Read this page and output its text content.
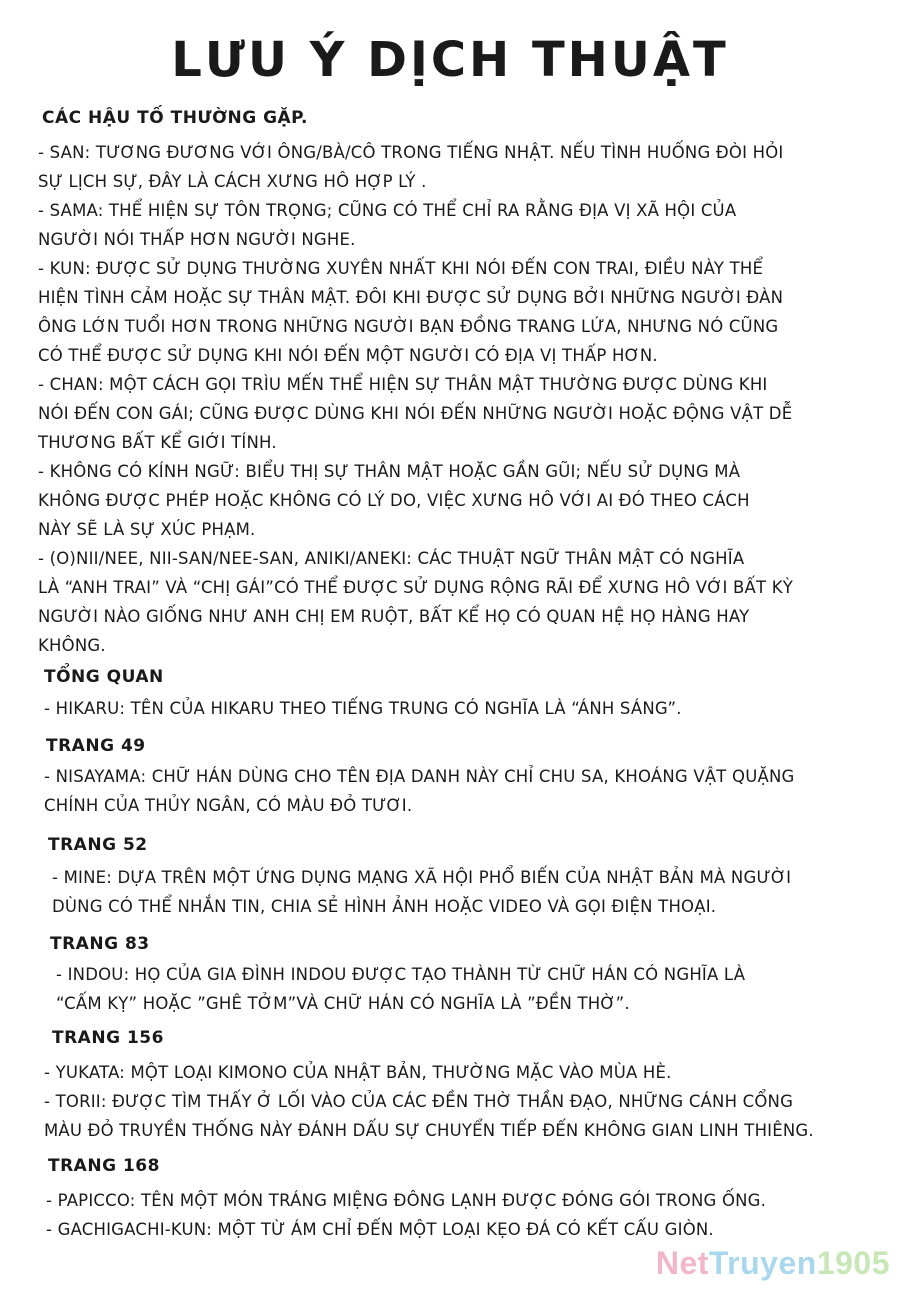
LƯU Ý DỊCH THUẬT
CÁC HẬU TỐ THƯỜNG GẶP.
- SAN: TƯƠNG ĐƯƠNG VỚI ÔNG/BÀ/CÔ TRONG TIẾNG NHẬT. NẾU TÌNH HUỐNG ĐÒI HỎI
SỰ LỊCH SỰ, ĐÂY LÀ CÁCH XƯNG HÔ HỢP LÝ .
- SAMA: THỂ HIỆN SỰ TÔN TRỌNG; CŨNG CÓ THỂ CHỈ RA RẰNG ĐỊA VỊ XÃ HỘI CỦA
NGƯỜI NÓI THẤP HƠN NGƯỜI NGHE.
- KUN: ĐƯỢC SỬ DỤNG THƯỜNG XUYÊN NHẤT KHI NÓI ĐẾN CON TRAI, ĐIỀU NÀY THỂ
HIỆN TÌNH CẢM HOẶC SỰ THÂN MẬT. ĐÔI KHI ĐƯỢC SỬ DỤNG BỞI NHỮNG NGƯỜI ĐÀN
ÔNG LỚN TUỔI HƠN TRONG NHỮNG NGƯỜI BẠN ĐỒNG TRANG LỨA, NHƯNG NÓ CŨNG
CÓ THỂ ĐƯỢC SỬ DỤNG KHI NÓI ĐẾN MỘT NGƯỜI CÓ ĐỊA VỊ THẤP HƠN.
- CHAN: MỘT CÁCH GỌI TRÌU MẾN THỂ HIỆN SỰ THÂN MẬT THƯỜNG ĐƯỢC DÙNG KHI
NÓI ĐẾN CON GÁI; CŨNG ĐƯỢC DÙNG KHI NÓI ĐẾN NHỮNG NGƯỜI HOẶC ĐỘNG VẬT DỄ
THƯƠNG BẤT KỂ GIỚI TÍNH.
- KHÔNG CÓ KÍNH NGỮ: BIỂU THỊ SỰ THÂN MẬT HOẶC GẦN GŨI; NẾU SỬ DỤNG MÀ
KHÔNG ĐƯỢC PHÉP HOẶC KHÔNG CÓ LÝ DO, VIỆC XƯNG HÔ VỚI AI ĐÓ THEO CÁCH
NÀY SẼ LÀ SỰ XÚC PHẠM.
- (O)NII/NEE, NII-SAN/NEE-SAN, ANIKI/ANEKI: CÁC THUẬT NGỮ THÂN MẬT CÓ NGHĨA
LÀ “ANH TRAI” VÀ “CHỊ GÁI”CÓ THỂ ĐƯỢC SỬ DỤNG RỘNG RÃI ĐỂ XƯNG HÔ VỚI BẤT KỲ
NGƯỜI NÀO GIỐNG NHƯ ANH CHỊ EM RUỘT, BẤT KỂ HỌ CÓ QUAN HỆ HỌ HÀNG HAY
KHÔNG.
TỔNG QUAN
- HIKARU: TÊN CỦA HIKARU THEO TIẾNG TRUNG CÓ NGHĨA LÀ “ÁNH SÁNG”.
TRANG 49
- NISAYAMA: CHỮ HÁN DÙNG CHO TÊN ĐỊA DANH NÀY CHỈ CHU SA, KHOÁNG VẬT QUẶNG
CHÍNH CỦA THỦY NGÂN, CÓ MÀU ĐỎ TƯƠI.
TRANG 52
- MINE: DỰA TRÊN MỘT ỨNG DỤNG MẠNG XÃ HỘI PHỔ BIẾN CỦA NHẬT BẢN MÀ NGƯỜI
DÙNG CÓ THỂ NHẮN TIN, CHIA SẺ HÌNH ẢNH HOẶC VIDEO VÀ GỌI ĐIỆN THOẠI.
TRANG 83
- INDOU: HỌ CỦA GIA ĐÌNH INDOU ĐƯỢC TẠO THÀNH TỪ CHỮ HÁN CÓ NGHĨA LÀ
“CẤM KỴ” HOẶC ”GHÊ TỞM”VÀ CHỮ HÁN CÓ NGHĨA LÀ ”ĐỀN THỜ”.
TRANG 156
- YUKATA: MỘT LOẠI KIMONO CỦA NHẬT BẢN, THƯỜNG MẶC VÀO MÙA HÈ.
- TORII: ĐƯỢC TÌM THẤY Ở LỐI VÀO CỦA CÁC ĐỀN THỜ THẦN ĐẠO, NHỮNG CÁNH CỔNG
MÀU ĐỎ TRUYỀN THỐNG NÀY ĐÁNH DẤU SỰ CHUYỂN TIẾP ĐẾN KHÔNG GIAN LINH THIÊNG.
TRANG 168
- PAPICCO: TÊN MỘT MÓN TRÁNG MIỆNG ĐÔNG LẠNH ĐƯỢC ĐÓNG GÓI TRONG ỐNG.
- GACHIGACHI-KUN: MỘT TỪ ÁM CHỈ ĐẾN MỘT LOẠI KẸO ĐÁ CÓ KẾT CẤU GIÒN.
NetTruyen1905
